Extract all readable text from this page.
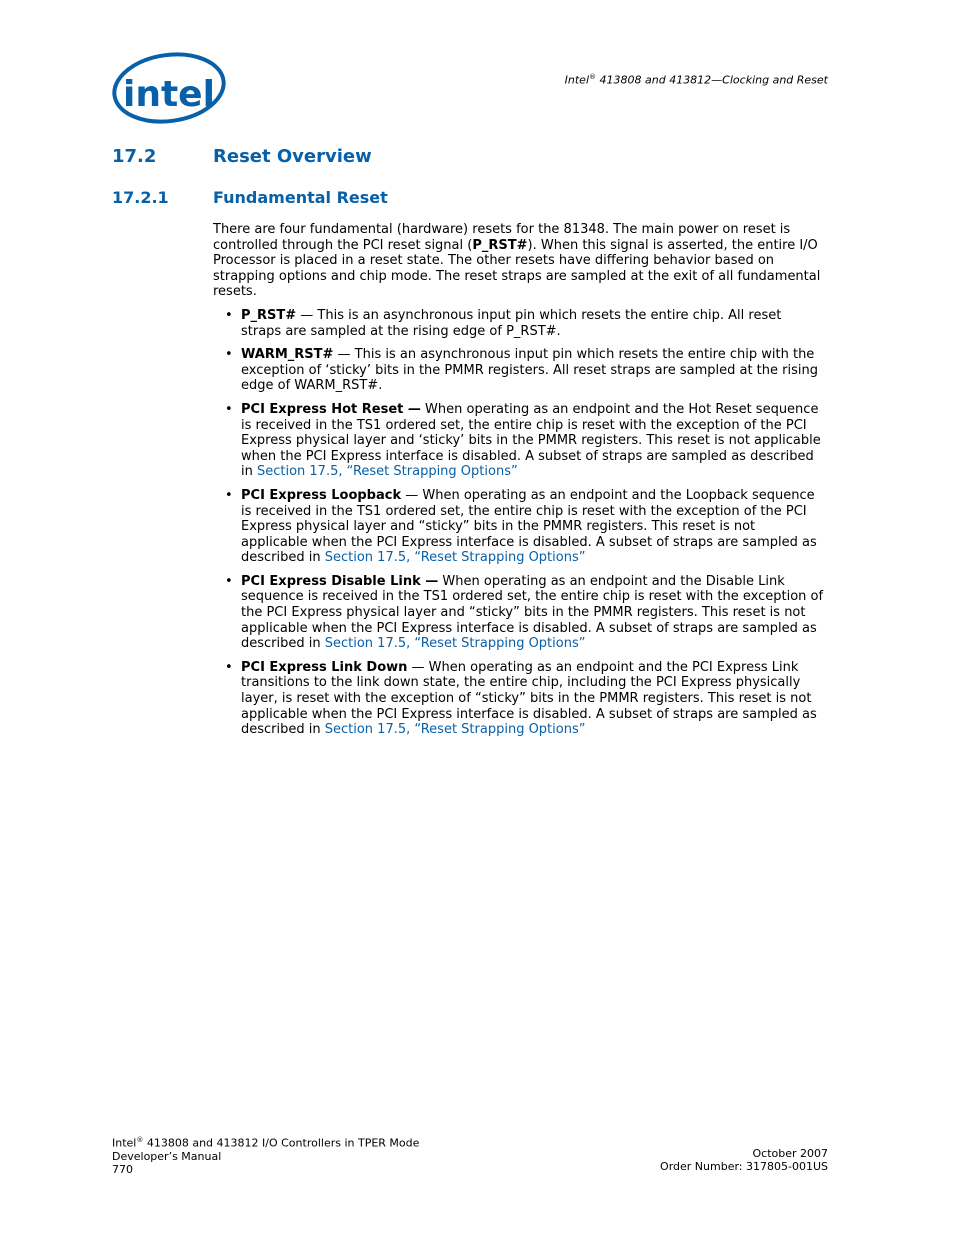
intel	Intel® 413808 and 413812—Clocking and Reset
17.2	Reset Overview
17.2.1	Fundamental Reset

There are four fundamental (hardware) resets for the 81348. The main power on reset is controlled through the PCI reset signal (P_RST#). When this signal is asserted, the entire I/O Processor is placed in a reset state. The other resets have differing behavior based on strapping options and chip mode. The reset straps are sampled at the exit of all fundamental resets.

• P_RST# — This is an asynchronous input pin which resets the entire chip. All reset straps are sampled at the rising edge of P_RST#.
• WARM_RST# — This is an asynchronous input pin which resets the entire chip with the exception of ‘sticky’ bits in the PMMR registers. All reset straps are sampled at the rising edge of WARM_RST#.
• PCI Express Hot Reset — When operating as an endpoint and the Hot Reset sequence is received in the TS1 ordered set, the entire chip is reset with the exception of the PCI Express physical layer and ‘sticky’ bits in the PMMR registers. This reset is not applicable when the PCI Express interface is disabled. A subset of straps are sampled as described in Section 17.5, “Reset Strapping Options”
• PCI Express Loopback — When operating as an endpoint and the Loopback sequence is received in the TS1 ordered set, the entire chip is reset with the exception of the PCI Express physical layer and “sticky” bits in the PMMR registers. This reset is not applicable when the PCI Express interface is disabled. A subset of straps are sampled as described in Section 17.5, “Reset Strapping Options”
• PCI Express Disable Link — When operating as an endpoint and the Disable Link sequence is received in the TS1 ordered set, the entire chip is reset with the exception of the PCI Express physical layer and “sticky” bits in the PMMR registers. This reset is not applicable when the PCI Express interface is disabled. A subset of straps are sampled as described in Section 17.5, “Reset Strapping Options”
• PCI Express Link Down — When operating as an endpoint and the PCI Express Link transitions to the link down state, the entire chip, including the PCI Express physically layer, is reset with the exception of “sticky” bits in the PMMR registers. This reset is not applicable when the PCI Express interface is disabled. A subset of straps are sampled as described in Section 17.5, “Reset Strapping Options”
Intel® 413808 and 413812 I/O Controllers in TPER Mode
Developer’s Manual
770
October 2007
Order Number: 317805-001US
